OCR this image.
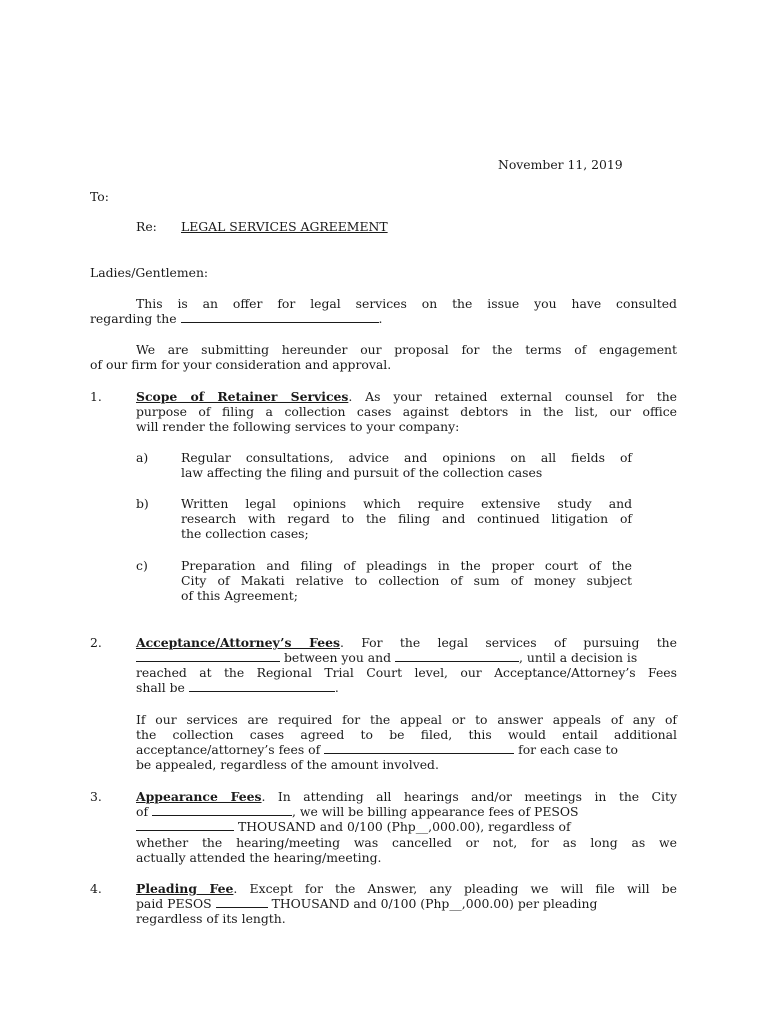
November 11, 2019
To:
Re: LEGAL SERVICES AGREEMENT
Ladies/Gentlemen:
This is an offer for legal services on the issue you have consulted
regarding the	.
We are submitting hereunder our proposal for the terms of engagement
of our firm for your consideration and approval.
1.	Scope of Retainer Services. As your retained external counsel for the
purpose of filing a collection cases against debtors in the list, our office
will render the following services to your company:
a)	Regular consultations, advice and opinions on all fields of
law affecting the filing and pursuit of the collection cases
b)	Written legal opinions which require extensive study and
research with regard to the filing and continued litigation of
the collection cases;
c)	Preparation and filing of pleadings in the proper court of the
City of Makati relative to collection of sum of money subject
of this Agreement;
2.	Acceptance/Attorney’s Fees. For the legal services of pursuing the
between you and	, until a decision is
reached at the Regional Trial Court level, our Acceptance/Attorney’s Fees
shall be	.
If our services are required for the appeal or to answer appeals of any of
the collection cases agreed to be filed, this would entail additional
acceptance/attorney’s fees of	for each case to
be appealed, regardless of the amount involved.
3.	Appearance Fees. In attending all hearings and/or meetings in the City
of	, we will be billing appearance fees of PESOS
THOUSAND and 0/100 (Php__,000.00), regardless of
whether the hearing/meeting was cancelled or not, for as long as we
actually attended the hearing/meeting.
4.	Pleading Fee. Except for the Answer, any pleading we will file will be
paid PESOS	THOUSAND and 0/100 (Php__,000.00) per pleading
regardless of its length.
